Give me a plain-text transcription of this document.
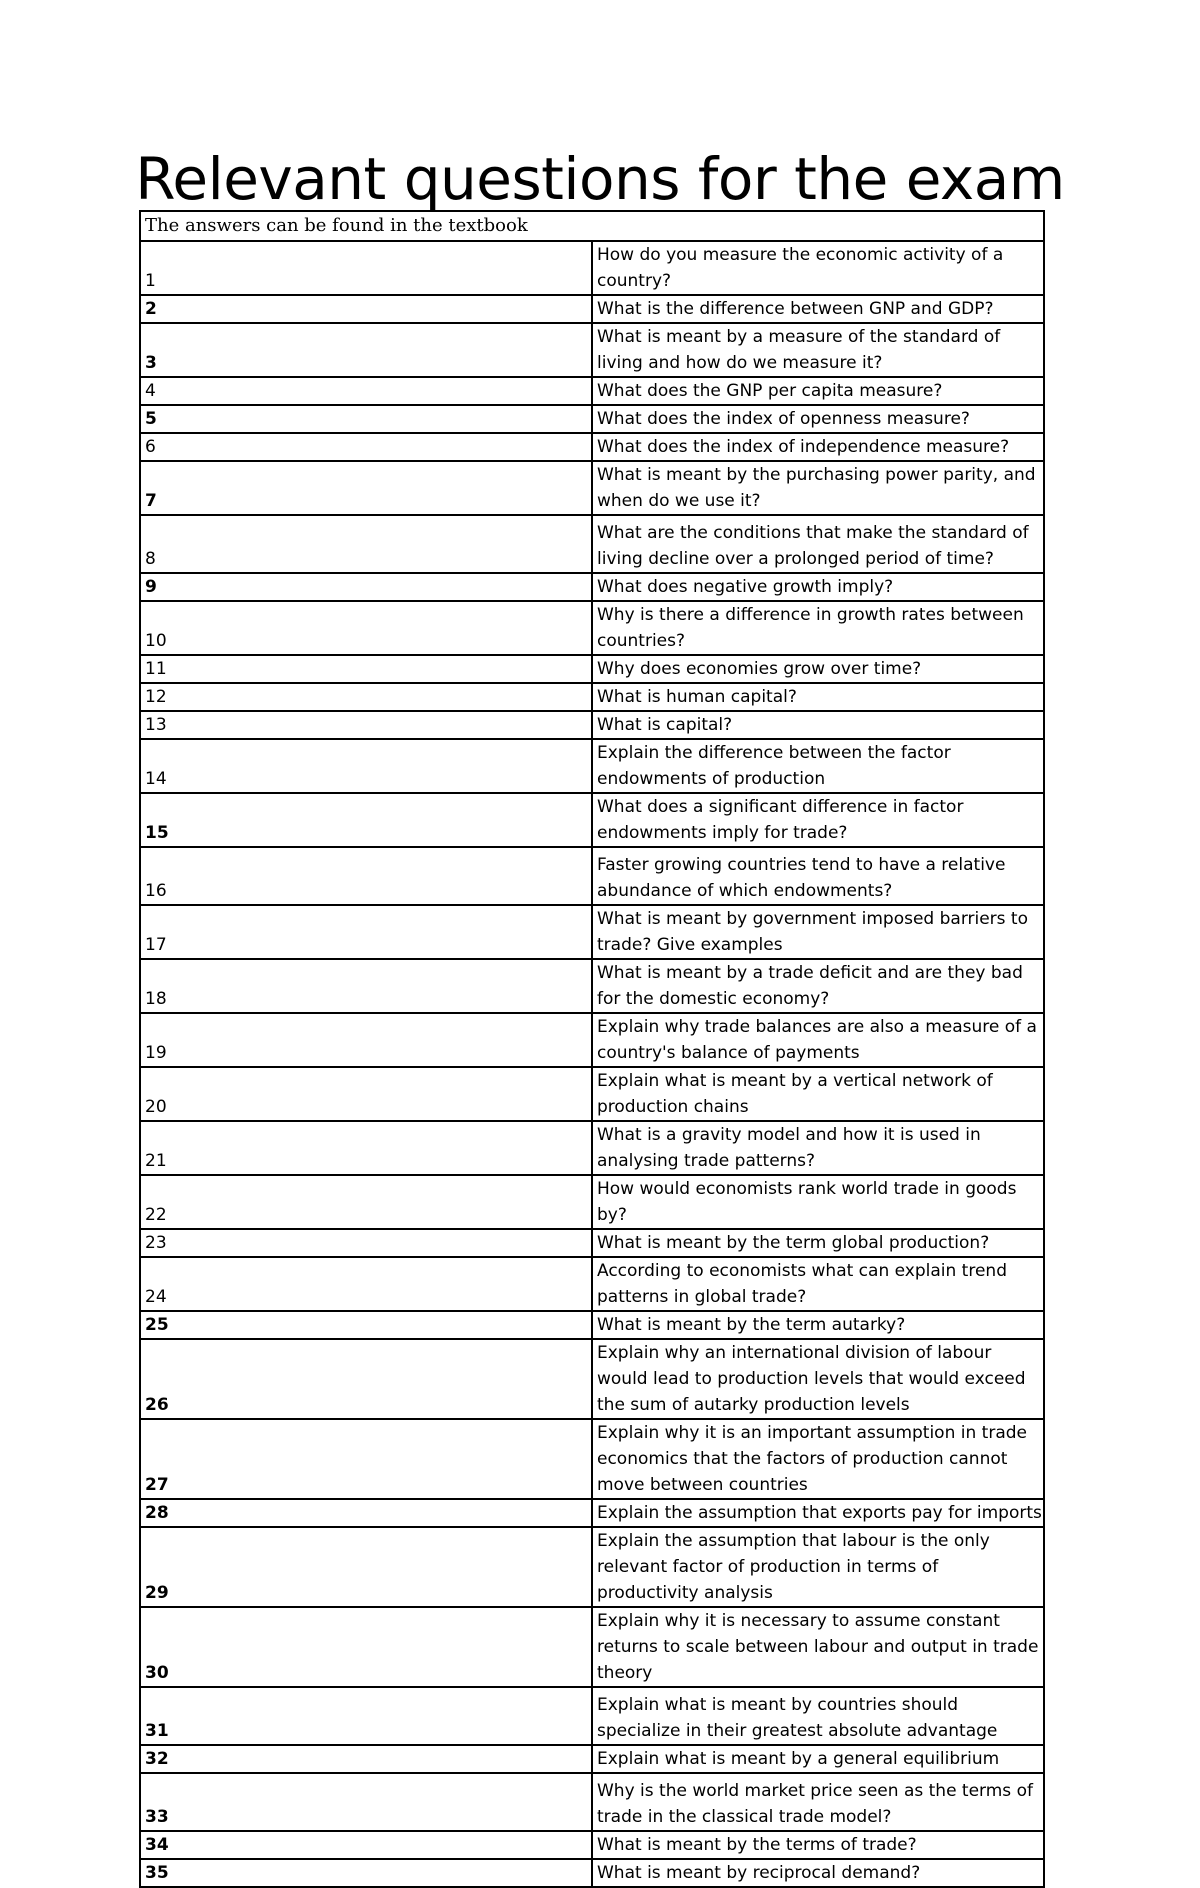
Relevant questions for the exam
The answers can be found in the textbook	
1	How do you measure the economic activity of a country?
2	What is the difference between GNP and GDP?
3	What is meant by a measure of the standard of living and how do we measure it?
4	What does the GNP per capita measure?
5	What does the index of openness measure?
6	What does the index of independence measure?
7	What is meant by the purchasing power parity, and when do we use it?
8	What are the conditions that make the standard of living decline over a prolonged period of time?
9	What does negative growth imply?
10	Why is there a difference in growth rates between countries?
11	Why does economies grow over time?
12	What is human capital?
13	What is capital?
14	Explain the difference between the factor endowments of production
15	What does a significant difference in factor endowments imply for trade?
16	Faster growing countries tend to have a relative abundance of which endowments?
17	What is meant by government imposed barriers to trade? Give examples
18	What is meant by a trade deficit and are they bad for the domestic economy?
19	Explain why trade balances are also a measure of a country's balance of payments
20	Explain what is meant by a vertical network of production chains
21	What is a gravity model and how it is used in analysing trade patterns?
22	How would economists rank world trade in goods by?
23	What is meant by the term global production?
24	According to economists what can explain trend patterns in global trade?
25	What is meant by the term autarky?
26	Explain why an international division of labour would lead to production levels that would exceed the sum of autarky production levels
27	Explain why it is an important assumption in trade economics that the factors of production cannot move between countries
28	Explain the assumption that exports pay for imports
29	Explain the assumption that labour is the only relevant factor of production in terms of productivity analysis
30	Explain why it is necessary to assume constant returns to scale between labour and output in trade theory
31	Explain what is meant by countries should specialize in their greatest absolute advantage
32	Explain what is meant by a general equilibrium
33	Why is the world market price seen as the terms of trade in the classical trade model?
34	What is meant by the terms of trade?
35	What is meant by reciprocal demand?
